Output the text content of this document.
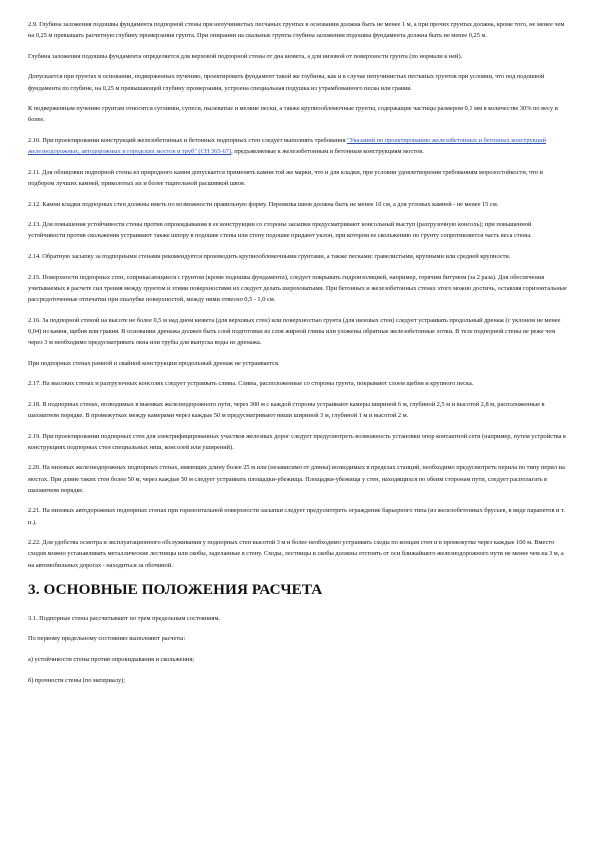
2.9. Глубина заложения подошвы фундамента подпорной стены при непучинистых песчаных грунтах в основании должна быть не менее 1 м, а при прочих грунтах должна, кроме того, не менее чем на 0,25 м превышать расчетную глубину промерзания грунта. При опирании на скальные грунты глубина заложения подошвы фундамента должна быть не менее 0,25 м.

Глубина заложения подошвы фундамента определяется для верховой подпорной стены от дна кювета, а для низовой от поверхности грунта (по нормали к ней).

Допускается при грунтах в основании, подверженных пучению, проектировать фундамент такой же глубины, как и в случае непучинистых песчаных грунтов при условии, что под подошвой фундамента по глубине, на 0,25 м превышающей глубину промерзания, устроена специальная подушка из утрамбованного песка или гравия.

К подверженным пучению грунтам относятся суглинки, супеси, пылеватые и мелкие пески, а также крупнообломочные грунты, содержащие частицы размером 0,1 мм в количестве 30% по весу и более.

2.10. При проектировании конструкций железобетонных и бетонных подпорных стен следует выполнять требования "Указаний по проектированию железобетонных и бетонных конструкций железнодорожных, автодорожных и городских мостов и труб" (СН 365-67), предъявляемые к железобетонным и бетонным конструкциям мостов.

2.11. Для облицовки подпорной стены из природного камня допускается применять камни той же марки, что и для кладки, при условии удовлетворения требованиям морозостойкости, что и подбором лучших камней, приколотых их и более тщательной расшивкой швов.

2.12. Камни кладки подпорных стен должны иметь по возможности правильную форму. Перевязка швов должна быть не менее 10 см, а для угловых камней - не менее 15 см.

2.13. Для повышения устойчивости стены против опрокидывания в ее конструкции со стороны засыпки предусматривают консольный выступ (разгрузочную консоль); при повышенной устойчивости против скольжения устраивают также шпору в подошве стены или стену подошве придают уклон, при котором ее скольжению по грунту сопротивляется часть веса стены.

2.14. Обратную засыпку за подпорными стенами рекомендуется производить крупнообломочными грунтами, а также песками: гравелистыми, крупными или средней крупности.

2.15. Поверхности подпорных стен, соприкасающиеся с грунтом (кроме подошвы фундамента), следует покрывать гидроизоляцией, например, горячим битумом (за 2 раза). Для обеспечения учитываемых в расчете сил трения между грунтом и этими поверхностями их следует делать шероховатыми. При бетонных и железобетонных стенах этого можно достичь, оставляя горизонтальные рассредоточенные отпечатки при опалубке поверхностей, между ними отвесно 0,5 - 1,0 см.

2.16. За подпорной стеной на высоте не более 0,5 м над дном кювета (для верховых стен) или поверхностью грунта (для низовых стен) следует устраивать продольный дренаж (с уклоном не менее 0,04) из камня, щебня или гравия. В основании дренажа должен быть слой подготовки из слоя жирной глины или уложены обратные железобетонные лотки. В теле подпорной стены не реже чем через 3 м необходимо предусматривать окна или трубы для выпуска воды из дренажа.

При подпорных стенах рамной и свайной конструкции продольный дренаж не устраивается.

2.17. На высоких стенах и разгрузочных консолях следует устраивать сливы. Сливы, расположенные со стороны грунта, покрывают слоем щебня и крупного песка.

2.18. В подпорных стенах, возводимых в выемках железнодорожного пути, через 300 м с каждой стороны устраивают камеры шириной 6 м, глубиной 2,5 м и высотой 2,8 м, расположенные в шахматном порядке. В промежутках между камерами через каждые 50 м предусматривают ниши шириной 3 м, глубиной 1 м и высотой 2 м.

2.19. При проектировании подпорных стен для электрифицированных участков железных дорог следует предусмотреть возможность установки опор контактной сети (например, путем устройства в конструкциях подпорных стен специальных ниш, консолей или уширений).

2.20. На низовых железнодорожных подпорных стенах, имеющих длину более 25 м или (независимо от длины) возводимых в пределах станций, необходимо предусмотреть перила по типу перил на мостах. При длине таких стен более 50 м, через каждые 50 м следует устраивать площадки-убежища. Площадки-убежища у стен, находящихся по обеим сторонам пути, следует располагать в шахматном порядке.

2.21. На низовых автодорожных подпорных стенах при горизонтальной поверхности засыпки следует предусмотреть ограждение барьерного типа (из железобетонных брусьев, в виде парапетов и т. п.).

2.22. Для удобства осмотра и эксплуатационного обслуживания у подпорных стен высотой 3 м и более необходимо устраивать сходы по концам стен и в промежутке через каждые 100 м. Вместо сходов можно устанавливать металлические лестницы или скобы, заделанные в стену. Сходы, лестницы и скобы должны отстоять от оси ближайшего железнодорожного пути не менее чем на 3 м, а на автомобильных дорогах - находиться за обочиной.

3. ОСНОВНЫЕ ПОЛОЖЕНИЯ РАСЧЕТА

3.1. Подпорные стены рассчитывают по трем предельным состояниям.

По первому предельному состоянию выполняют расчеты:

а) устойчивости стены против опрокидывания и скольжения;

б) прочности стены (по материалу);
